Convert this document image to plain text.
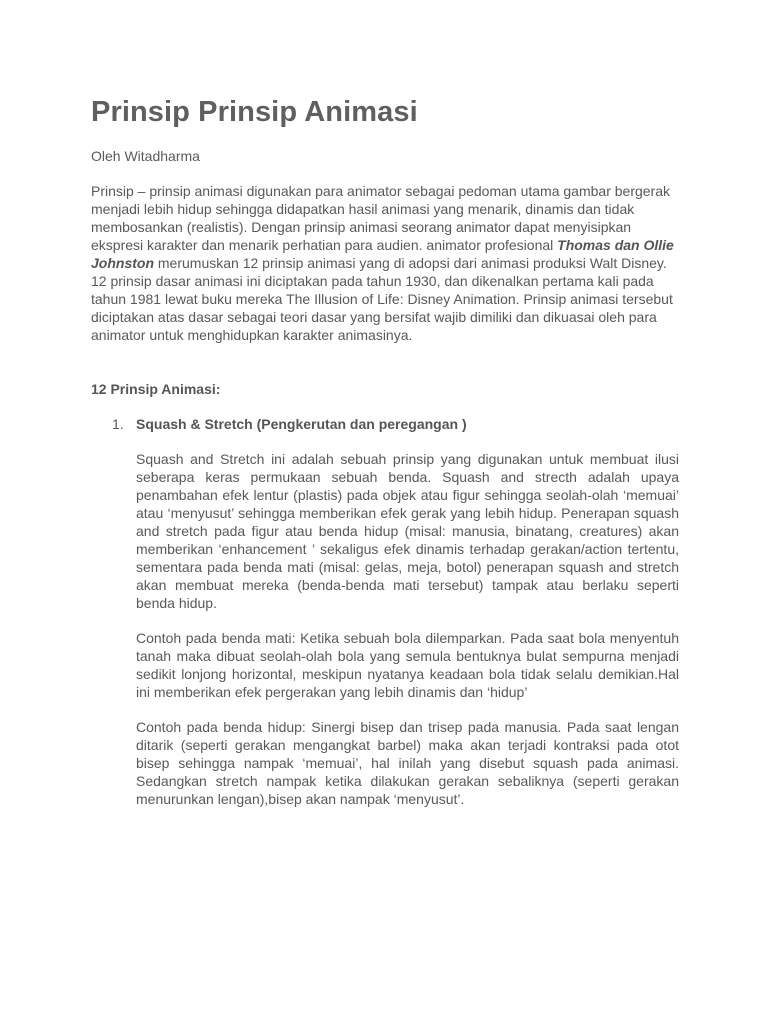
Prinsip Prinsip Animasi

Oleh Witadharma

Prinsip – prinsip animasi digunakan para animator sebagai pedoman utama gambar bergerak menjadi lebih hidup sehingga didapatkan hasil animasi yang menarik, dinamis dan tidak membosankan (realistis). Dengan prinsip animasi seorang animator dapat menyisipkan ekspresi karakter dan menarik perhatian para audien. animator profesional Thomas dan Ollie Johnston merumuskan 12 prinsip animasi yang di adopsi dari animasi produksi Walt Disney. 12 prinsip dasar animasi ini diciptakan pada tahun 1930, dan dikenalkan pertama kali pada tahun 1981 lewat buku mereka The Illusion of Life: Disney Animation. Prinsip animasi tersebut diciptakan atas dasar sebagai teori dasar yang bersifat wajib dimiliki dan dikuasai oleh para animator untuk menghidupkan karakter animasinya.

12 Prinsip Animasi:

1. Squash & Stretch (Pengkerutan dan peregangan )

Squash and Stretch ini adalah sebuah prinsip yang digunakan untuk membuat ilusi seberapa keras permukaan sebuah benda. Squash and strecth adalah upaya penambahan efek lentur (plastis) pada objek atau figur sehingga seolah-olah ‘memuai’ atau ‘menyusut’ sehingga memberikan efek gerak yang lebih hidup. Penerapan squash and stretch pada figur atau benda hidup (misal: manusia, binatang, creatures) akan memberikan ‘enhancement ’ sekaligus efek dinamis terhadap gerakan/action tertentu, sementara pada benda mati (misal: gelas, meja, botol) penerapan squash and stretch akan membuat mereka (benda-benda mati tersebut) tampak atau berlaku seperti benda hidup.

Contoh pada benda mati: Ketika sebuah bola dilemparkan. Pada saat bola menyentuh tanah maka dibuat seolah-olah bola yang semula bentuknya bulat sempurna menjadi sedikit lonjong horizontal, meskipun nyatanya keadaan bola tidak selalu demikian.Hal ini memberikan efek pergerakan yang lebih dinamis dan ‘hidup’

Contoh pada benda hidup: Sinergi bisep dan trisep pada manusia. Pada saat lengan ditarik (seperti gerakan mengangkat barbel) maka akan terjadi kontraksi pada otot bisep sehingga nampak ‘memuai’, hal inilah yang disebut squash pada animasi. Sedangkan stretch nampak ketika dilakukan gerakan sebaliknya (seperti gerakan menurunkan lengan),bisep akan nampak ‘menyusut’.
